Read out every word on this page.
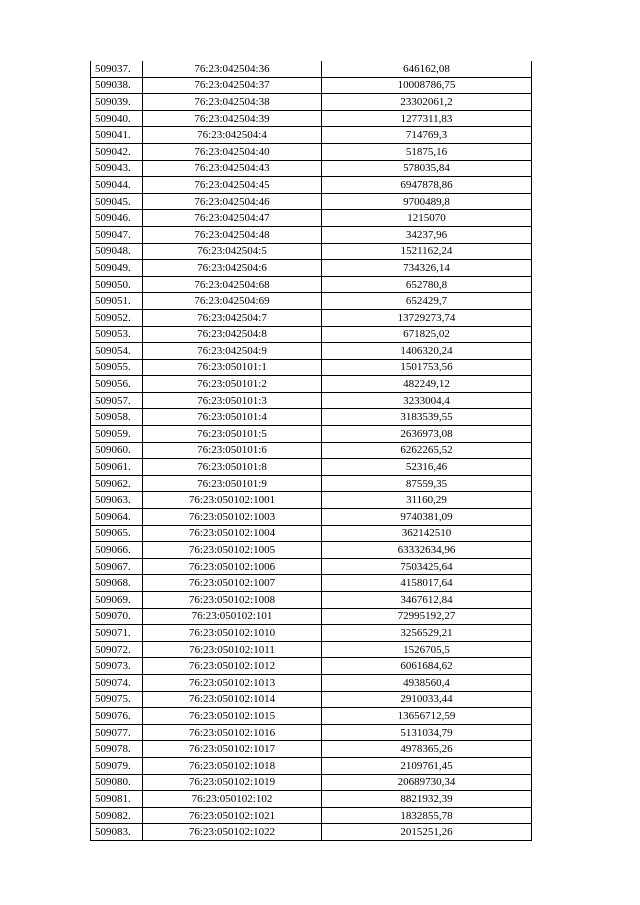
509037.	76:23:042504:36	646162,08
509038.	76:23:042504:37	10008786,75
509039.	76:23:042504:38	23302061,2
509040.	76:23:042504:39	1277311,83
509041.	76:23:042504:4	714769,3
509042.	76:23:042504:40	51875,16
509043.	76:23:042504:43	578035,84
509044.	76:23:042504:45	6947878,86
509045.	76:23:042504:46	9700489,8
509046.	76:23:042504:47	1215070
509047.	76:23:042504:48	34237,96
509048.	76:23:042504:5	1521162,24
509049.	76:23:042504:6	734326,14
509050.	76:23:042504:68	652780,8
509051.	76:23:042504:69	652429,7
509052.	76:23:042504:7	13729273,74
509053.	76:23:042504:8	671825,02
509054.	76:23:042504:9	1406320,24
509055.	76:23:050101:1	1501753,56
509056.	76:23:050101:2	482249,12
509057.	76:23:050101:3	3233004,4
509058.	76:23:050101:4	3183539,55
509059.	76:23:050101:5	2636973,08
509060.	76:23:050101:6	6262265,52
509061.	76:23:050101:8	52316,46
509062.	76:23:050101:9	87559,35
509063.	76:23:050102:1001	31160,29
509064.	76:23:050102:1003	9740381,09
509065.	76:23:050102:1004	362142510
509066.	76:23:050102:1005	63332634,96
509067.	76:23:050102:1006	7503425,64
509068.	76:23:050102:1007	4158017,64
509069.	76:23:050102:1008	3467612,84
509070.	76:23:050102:101	72995192,27
509071.	76:23:050102:1010	3256529,21
509072.	76:23:050102:1011	1526705,5
509073.	76:23:050102:1012	6061684,62
509074.	76:23:050102:1013	4938560,4
509075.	76:23:050102:1014	2910033,44
509076.	76:23:050102:1015	13656712,59
509077.	76:23:050102:1016	5131034,79
509078.	76:23:050102:1017	4978365,26
509079.	76:23:050102:1018	2109761,45
509080.	76:23:050102:1019	20689730,34
509081.	76:23:050102:102	8821932,39
509082.	76:23:050102:1021	1832855,78
509083.	76:23:050102:1022	2015251,26
